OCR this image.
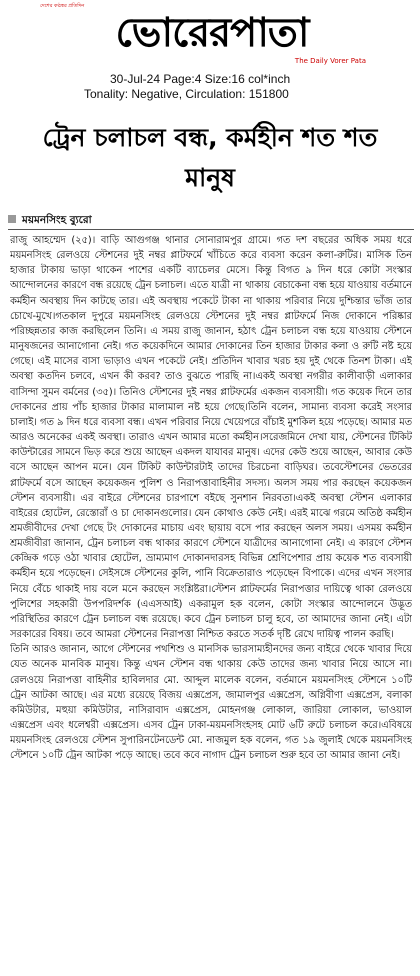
দেশের কণ্ঠস্বর প্রতিদিন
ভোরেরপাতা
The Daily Vorer Pata
30-Jul-24 Page:4 Size:16 col*inch
Tonality: Negative, Circulation: 151800
ট্রেন চলাচল বন্ধ, কর্মহীন শত শত মানুষ
ময়মনসিংহ ব্যুরো

রাজু আহম্মেদ (২৫)। বাড়ি আগুগঞ্জ থানার সোনারামপুর গ্রামে। গত দশ বছরের অধিক সময় ধরে ময়মনসিংহ রেলওয়ে স্টেশনের দুই নম্বর প্লাটফর্মে খাঁচিতে করে ব্যবসা করেন কলা-রুটির। মাসিক তিন হাজার টাকায় ভাড়া থাকেন পাশের একটি ব্যাচেলর মেসে। কিন্তু বিগত ৯ দিন ধরে কোটা সংস্কার আন্দোলনের কারণে বন্ধ রয়েছে ট্রেন চলাচল। এতে যাত্রী না থাকায় বেচাকেনা বন্ধ হয়ে যাওয়ায় বর্তমানে কর্মহীন অবস্থায় দিন কাটছে তার। এই অবস্থায় পকেটে টাকা না থাকায় পরিবার নিয়ে দুশ্চিন্তার ভাঁজ তার চোখে-মুখে।গতকাল দুপুরে ময়মনসিংহ রেলওয়ে স্টেশনের দুই নম্বর প্লাটফর্মে নিজ দোকানে পরিষ্কার পরিচ্ছন্নতার কাজ করছিলেন তিনি। এ সময় রাজু জানান, হঠাৎ ট্রেন চলাচল বন্ধ হয়ে যাওয়ায় স্টেশনে মানুষজনের আনাগোনা নেই। গত কয়েকদিনে আমার দোকানের তিন হাজার টাকার কলা ও রুটি নষ্ট হয়ে গেছে। এই মাসের বাসা ভাড়াও এখন পকেটে নেই। প্রতিদিন খাবার খরচ হয় দুই থেকে তিনশ টাকা। এই অবস্থা কতদিন চলবে, এখন কী করব? তাও বুঝতে পারছি না।একই অবস্থা নগরীর কালীবাড়ী এলাকার বাসিন্দা সুমন বর্মনের (৩৫)। তিনিও স্টেশনের দুই নম্বর প্লাটফর্মের একজন ব্যবসায়ী। গত কয়েক দিনে তার দোকানের প্রায় পাঁচ হাজার টাকার মালামাল নষ্ট হয়ে গেছে।তিনি বলেন, সামান্য ব্যবসা করেই সংসার চালাই। গত ৯ দিন ধরে ব্যবসা বন্ধ। এখন পরিবার নিয়ে খেয়েপরে বাঁচাই মুশকিল হয়ে পড়েছে। আমার মত আরও অনেকের একই অবস্থা। তারাও এখন আমার মতো কর্মহীন।সরেজমিনে দেখা যায়, স্টেশনের টিকিট কাউন্টারের সামনে ভিড় করে শুয়ে আছেন একদল যাযাবর মানুষ। এদের কেউ শুয়ে আছেন, আবার কেউ বসে আছেন আপন মনে। যেন টিকিট কাউন্টারটাই তাদের চিরচেনা বাড়িঘর। তবেস্টেশনের ভেতরের প্লাটফর্মে বসে আছেন কয়েকজন পুলিশ ও নিরাপত্তাবাহিনীর সদস্য। অলস সময় পার করছেন কয়েকজন স্টেশন ব্যবসায়ী। এর বাইরে স্টেশনের চারপাশে বইছে সুনশান নিরবতা।একই অবস্থা স্টেশন এলাকার বাইরের হোটেল, রেস্তোরাঁ ও চা দোকানগুলোর। যেন কোথাও কেউ নেই। এরই মাঝে গরমে অতিষ্ঠ কর্মহীন শ্রমজীবীদের দেখা গেছে টং দোকানের মাচায় এবং ছায়ায় বসে পার করছেন অলস সময়। এসময় কর্মহীন শ্রমজীবীরা জানান, ট্রেন চলাচল বন্ধ থাকার কারণে স্টেশনে যাত্রীদের আনাগোনা নেই। এ কারণে স্টেশন কেন্দ্রিক গড়ে ওঠা খাবার হোটেল, ভ্রাম্যমাণ দোকানদারসহ বিভিন্ন শ্রেণিপেশার প্রায় কয়েক শত ব্যবসায়ী কর্মহীন হয়ে পড়েছেন। সেইসঙ্গে স্টেশনের কুলি, পানি বিক্রেতারাও পড়েছেন বিপাকে। এদের এখন সংসার নিয়ে বেঁচে থাকাই দায় বলে মনে করছেন সংশ্লিষ্টরা।স্টেশন প্লাটফর্মের নিরাপত্তার দায়িত্বে থাকা রেলওয়ে পুলিশের সহকারী উপপরিদর্শক (এএসআই) একরামুল হক বলেন, কোটা সংস্কার আন্দোলনে উদ্ভূত পরিস্থিতির কারণে ট্রেন চলাচল বন্ধ রয়েছে। কবে ট্রেন চলাচল চালু হবে, তা আমাদের জানা নেই। এটা সরকারের বিষয়। তবে আমরা স্টেশনের নিরাপত্তা নিশ্চিত করতে সতর্ক দৃষ্টি রেখে দায়িত্ব পালন করছি।

তিনি আরও জানান, আগে স্টেশনের পথশিশু ও মানসিক ভারসাম্যহীনদের জন্য বাইরে থেকে খাবার দিয়ে যেত অনেক মানবিক মানুষ। কিন্তু এখন স্টেশন বন্ধ থাকায় কেউ তাদের জন্য খাবার নিয়ে আসে না। রেলওয়ে নিরাপত্তা বাহিনীর হাবিলদার মো. আব্দুল মালেক বলেন, বর্তমানে ময়মনসিংহ স্টেশনে ১০টি ট্রেন আটকা আছে। এর মধ্যে রয়েছে বিজয় এক্সপ্রেস, জামালপুর এক্সপ্রেস, অগ্নিবীণা এক্সপ্রেস, বলাকা কমিউটার, মহুয়া কমিউটার, নাসিরাবাদ এক্সপ্রেস, মোহনগঞ্জ লোকাল, জারিয়া লোকাল, ভাওয়াল এক্সপ্রেস এবং ধলেশ্বরী এক্সপ্রেস। এসব ট্রেন ঢাকা-ময়মনসিংহসহ মোট ৬টি রুটে চলাচল করে।এবিষয়ে ময়মনসিংহ রেলওয়ে স্টেশন সুপারিনটেনডেন্ট মো. নাজমুল হক বলেন, গত ১৯ জুলাই থেকে ময়মনসিংহ স্টেশনে ১০টি ট্রেন আটকা পড়ে আছে। তবে কবে নাগাদ ট্রেন চলাচল শুরু হবে তা আমার জানা নেই।
